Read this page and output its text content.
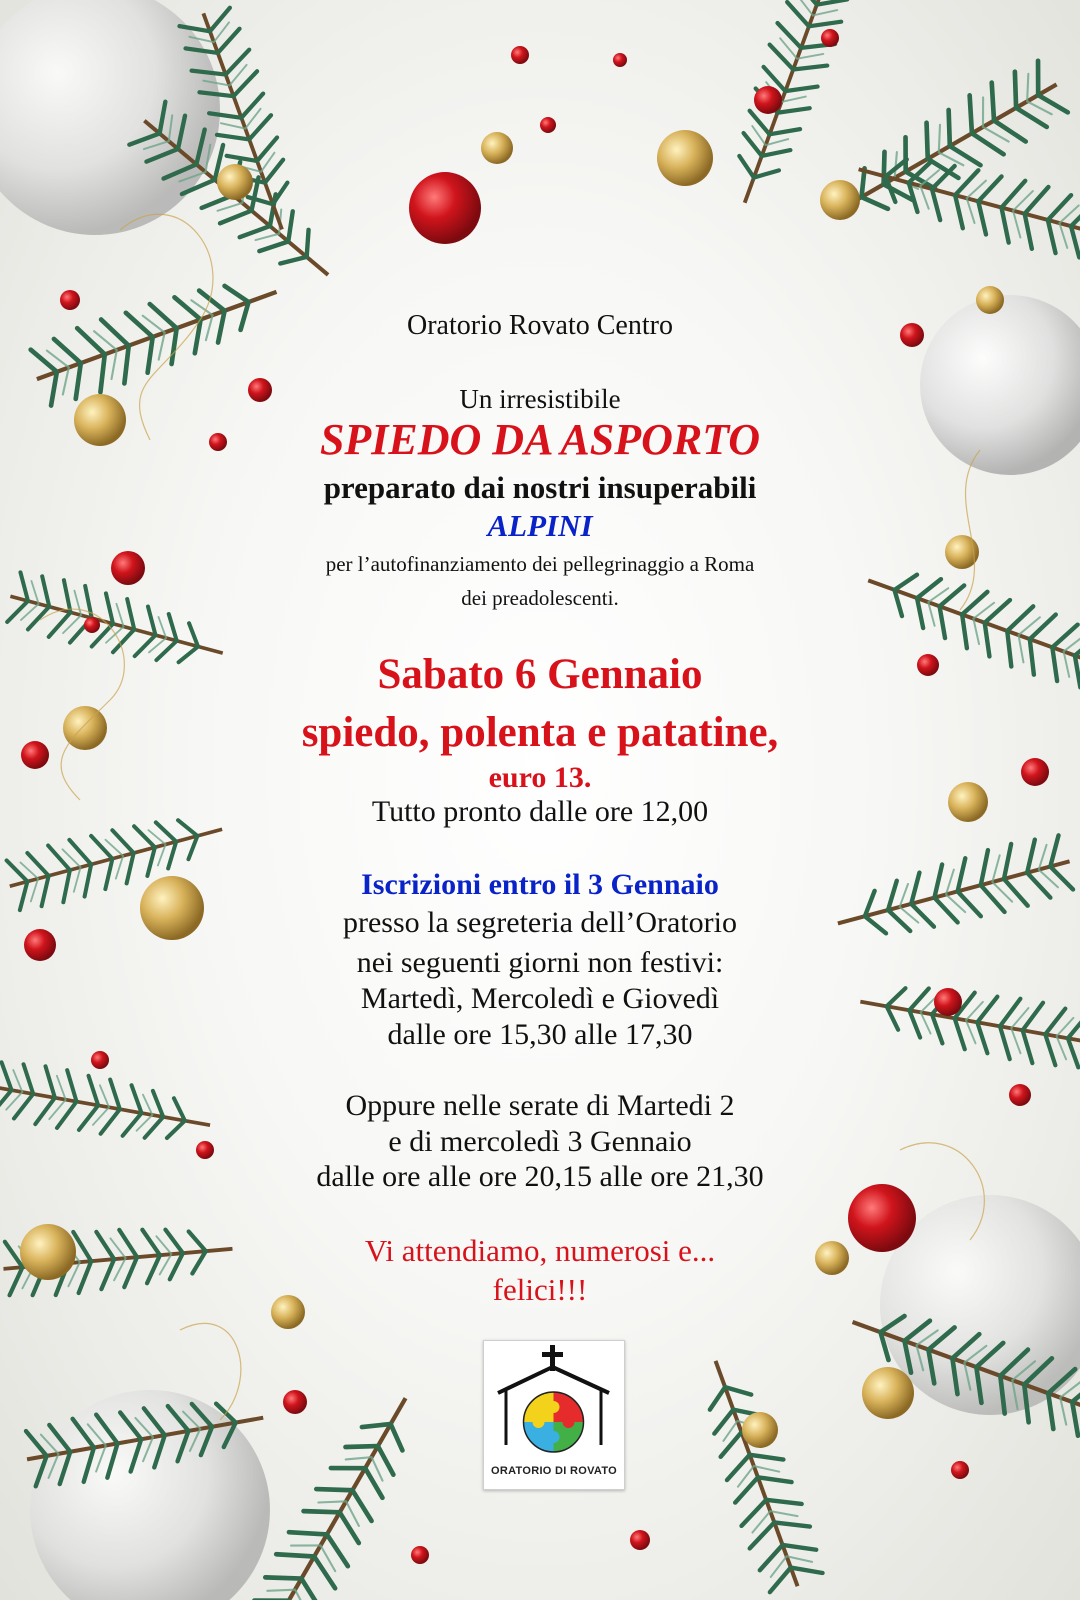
Oratorio Rovato Centro
Un irresistibile
SPIEDO DA ASPORTO
preparato dai nostri insuperabili
ALPINI
per l’autofinanziamento dei pellegrinaggio a Roma
dei preadolescenti.
Sabato 6 Gennaio
spiedo, polenta e patatine,
euro 13.
Tutto pronto dalle ore 12,00
Iscrizioni entro il 3 Gennaio
presso la segreteria dell’Oratorio
nei seguenti giorni non festivi:
Martedì, Mercoledì e Giovedì
dalle ore 15,30 alle 17,30
Oppure nelle serate di Martedi 2
e di mercoledì 3 Gennaio
dalle ore alle ore 20,15 alle ore 21,30
Vi attendiamo, numerosi e...
felici!!!
ORATORIO DI ROVATO
